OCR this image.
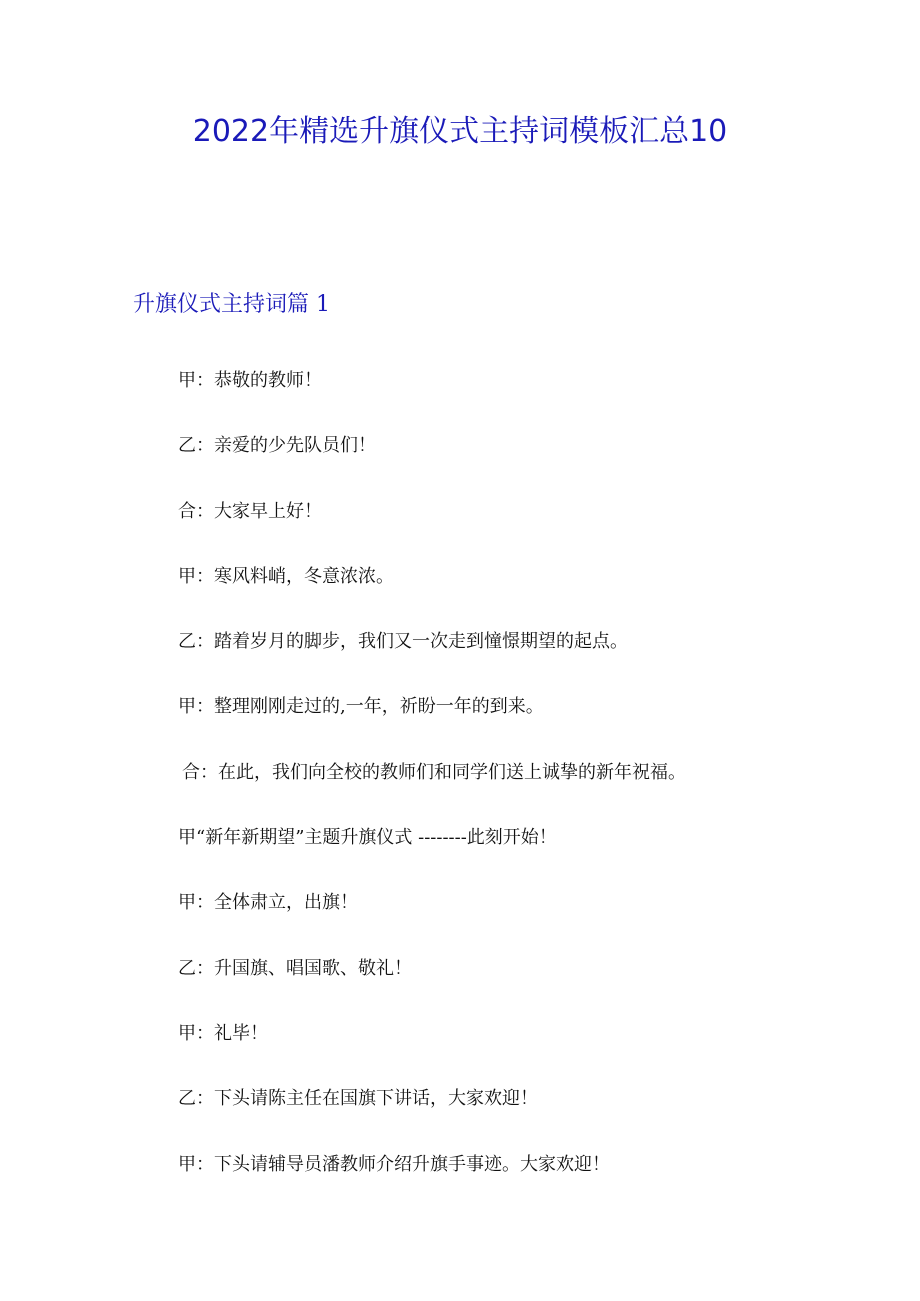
2022年精选升旗仪式主持词模板汇总10
升旗仪式主持词篇 1
甲：恭敬的教师！
乙：亲爱的少先队员们！
合：大家早上好！
甲：寒风料峭，冬意浓浓。
乙：踏着岁月的脚步，我们又一次走到憧憬期望的起点。
甲：整理刚刚走过的,一年，祈盼一年的到来。
合：在此，我们向全校的教师们和同学们送上诚挚的新年祝福。
甲“新年新期望”主题升旗仪式 --------此刻开始！
甲：全体肃立，出旗！
乙：升国旗、唱国歌、敬礼！
甲：礼毕！
乙：下头请陈主任在国旗下讲话，大家欢迎！
甲：下头请辅导员潘教师介绍升旗手事迹。大家欢迎！
